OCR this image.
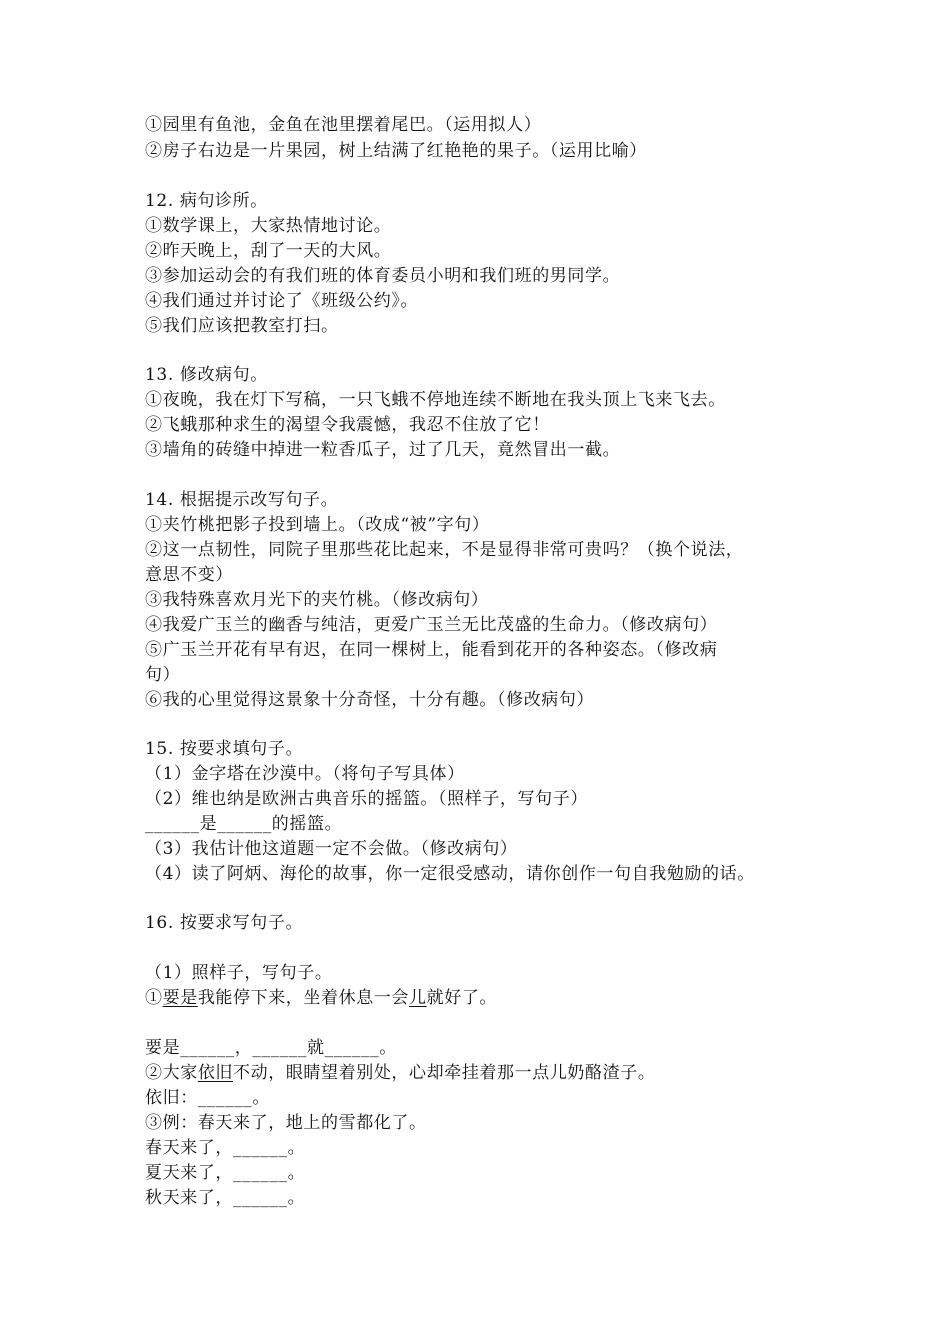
①园里有鱼池，金鱼在池里摆着尾巴。（运用拟人）
②房子右边是一片果园，树上结满了红艳艳的果子。（运用比喻）
12. 病句诊所。
①数学课上，大家热情地讨论。
②昨天晚上，刮了一天的大风。
③参加运动会的有我们班的体育委员小明和我们班的男同学。
④我们通过并讨论了《班级公约》。
⑤我们应该把教室打扫。
13. 修改病句。
①夜晚，我在灯下写稿，一只飞蛾不停地连续不断地在我头顶上飞来飞去。
②飞蛾那种求生的渴望令我震憾，我忍不住放了它！
③墙角的砖缝中掉进一粒香瓜子，过了几天，竟然冒出一截。
14. 根据提示改写句子。
①夹竹桃把影子投到墙上。（改成“被”字句）
②这一点韧性，同院子里那些花比起来，不是显得非常可贵吗？（换个说法，
意思不变）
③我特殊喜欢月光下的夹竹桃。（修改病句）
④我爱广玉兰的幽香与纯洁，更爱广玉兰无比茂盛的生命力。（修改病句）
⑤广玉兰开花有早有迟，在同一棵树上，能看到花开的各种姿态。（修改病
句）
⑥我的心里觉得这景象十分奇怪，十分有趣。（修改病句）
15. 按要求填句子。
（1）金字塔在沙漠中。（将句子写具体）
（2）维也纳是欧洲古典音乐的摇篮。（照样子，写句子）
______是______的摇篮。
（3）我估计他这道题一定不会做。（修改病句）
（4）读了阿炳、海伦的故事，你一定很受感动，请你创作一句自我勉励的话。
16. 按要求写句子。
（1）照样子，写句子。
①要是我能停下来，坐着休息一会儿就好了。
要是______，______就______。
②大家依旧不动，眼睛望着别处，心却牵挂着那一点儿奶酪渣子。
依旧：______。
③例：春天来了，地上的雪都化了。
春天来了，______。
夏天来了，______。
秋天来了，______。
